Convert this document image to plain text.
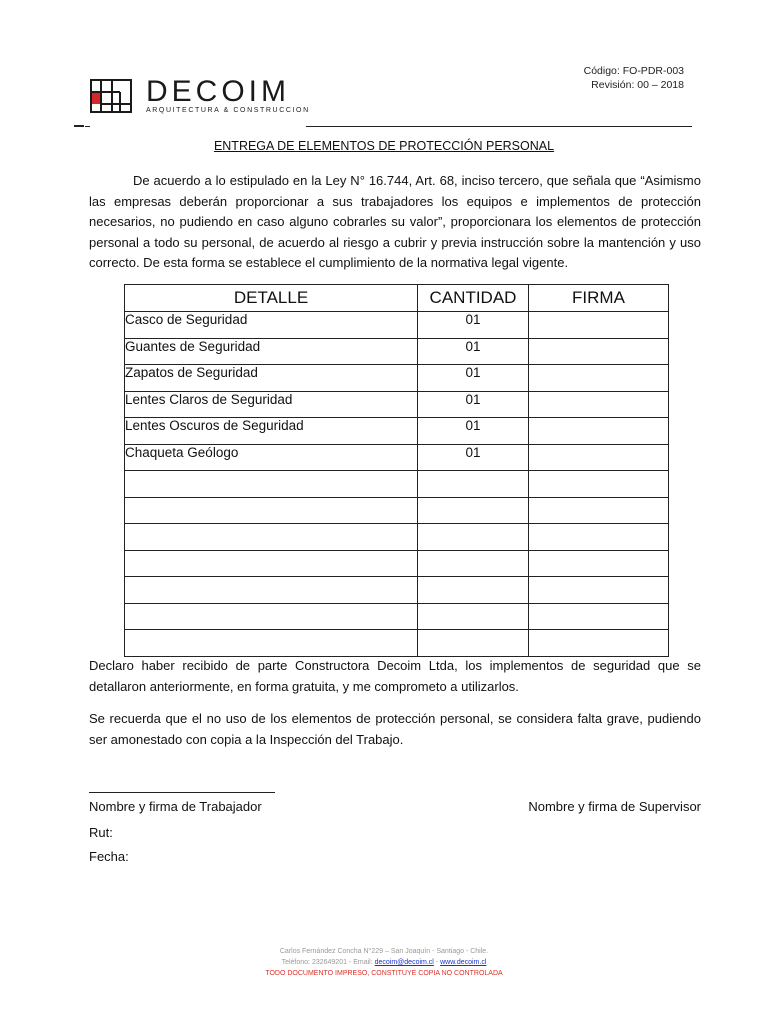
DECOIM
ARQUITECTURA & CONSTRUCCION
Código: FO-PDR-003
Revisión: 00 – 2018
ENTREGA DE ELEMENTOS DE PROTECCIÓN PERSONAL
De acuerdo a lo estipulado en la Ley N° 16.744, Art. 68, inciso tercero, que señala que “Asimismo las empresas deberán proporcionar a sus trabajadores los equipos e implementos de protección necesarios, no pudiendo en caso alguno cobrarles su valor”, proporcionara los elementos de protección personal a todo su personal, de acuerdo al riesgo a cubrir y previa instrucción sobre la mantención y uso correcto. De esta forma se establece el cumplimiento de la normativa legal vigente.
DETALLE	CANTIDAD	FIRMA
Casco de Seguridad	01	
Guantes de Seguridad	01	
Zapatos de Seguridad	01	
Lentes Claros de Seguridad	01	
Lentes Oscuros de Seguridad	01	
Chaqueta Geólogo	01	

Declaro haber recibido de parte Constructora Decoim Ltda, los implementos de seguridad que se detallaron anteriormente, en forma gratuita, y me comprometo a utilizarlos.
Se recuerda que el no uso de los elementos de protección personal, se considera falta grave, pudiendo ser amonestado con copia a la Inspección del Trabajo.
Nombre y firma de Trabajador	Nombre y firma de Supervisor
Rut:
Fecha:
Carlos Fernández Concha N°229 – San Joaquín - Santiago - Chile.
Teléfono: 232649201 - Email: decoim@decoim.cl - www.decoim.cl
TODO DOCUMENTO IMPRESO, CONSTITUYE COPIA NO CONTROLADA
